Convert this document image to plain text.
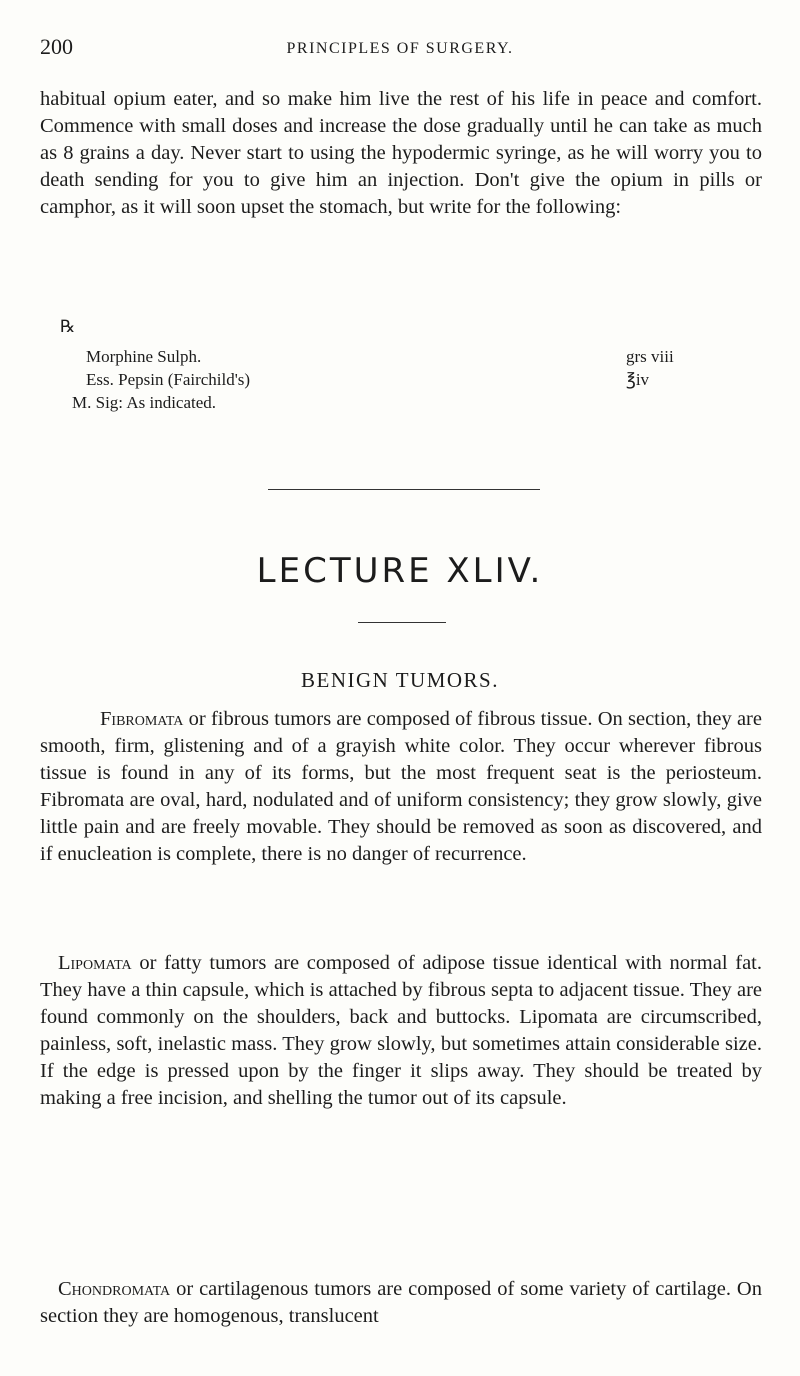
200	PRINCIPLES OF SURGERY.

habitual opium eater, and so make him live the rest of his life in peace and comfort. Commence with small doses and increase the dose gradually until he can take as much as 8 grains a day. Never start to using the hypodermic syringe, as he will worry you to death sending for you to give him an injection. Don't give the opium in pills or camphor, as it will soon upset the stomach, but write for the following:

℞
Morphine Sulph.	grs viii
Ess. Pepsin (Fairchild's)	℥iv
M. Sig: As indicated.
LECTURE XLIV.
BENIGN TUMORS.

Fibromata or fibrous tumors are composed of fibrous tissue. On section, they are smooth, firm, glistening and of a grayish white color. They occur wherever fibrous tissue is found in any of its forms, but the most frequent seat is the periosteum. Fibromata are oval, hard, nodulated and of uniform consistency; they grow slowly, give little pain and are freely movable. They should be removed as soon as discovered, and if enucleation is complete, there is no danger of recurrence.

Lipomata or fatty tumors are composed of adipose tissue identical with normal fat. They have a thin capsule, which is attached by fibrous septa to adjacent tissue. They are found commonly on the shoulders, back and buttocks. Lipomata are circumscribed, painless, soft, inelastic mass. They grow slowly, but sometimes attain considerable size. If the edge is pressed upon by the finger it slips away. They should be treated by making a free incision, and shelling the tumor out of its capsule.

Chondromata or cartilagenous tumors are composed of some variety of cartilage. On section they are homogenous, translucent
